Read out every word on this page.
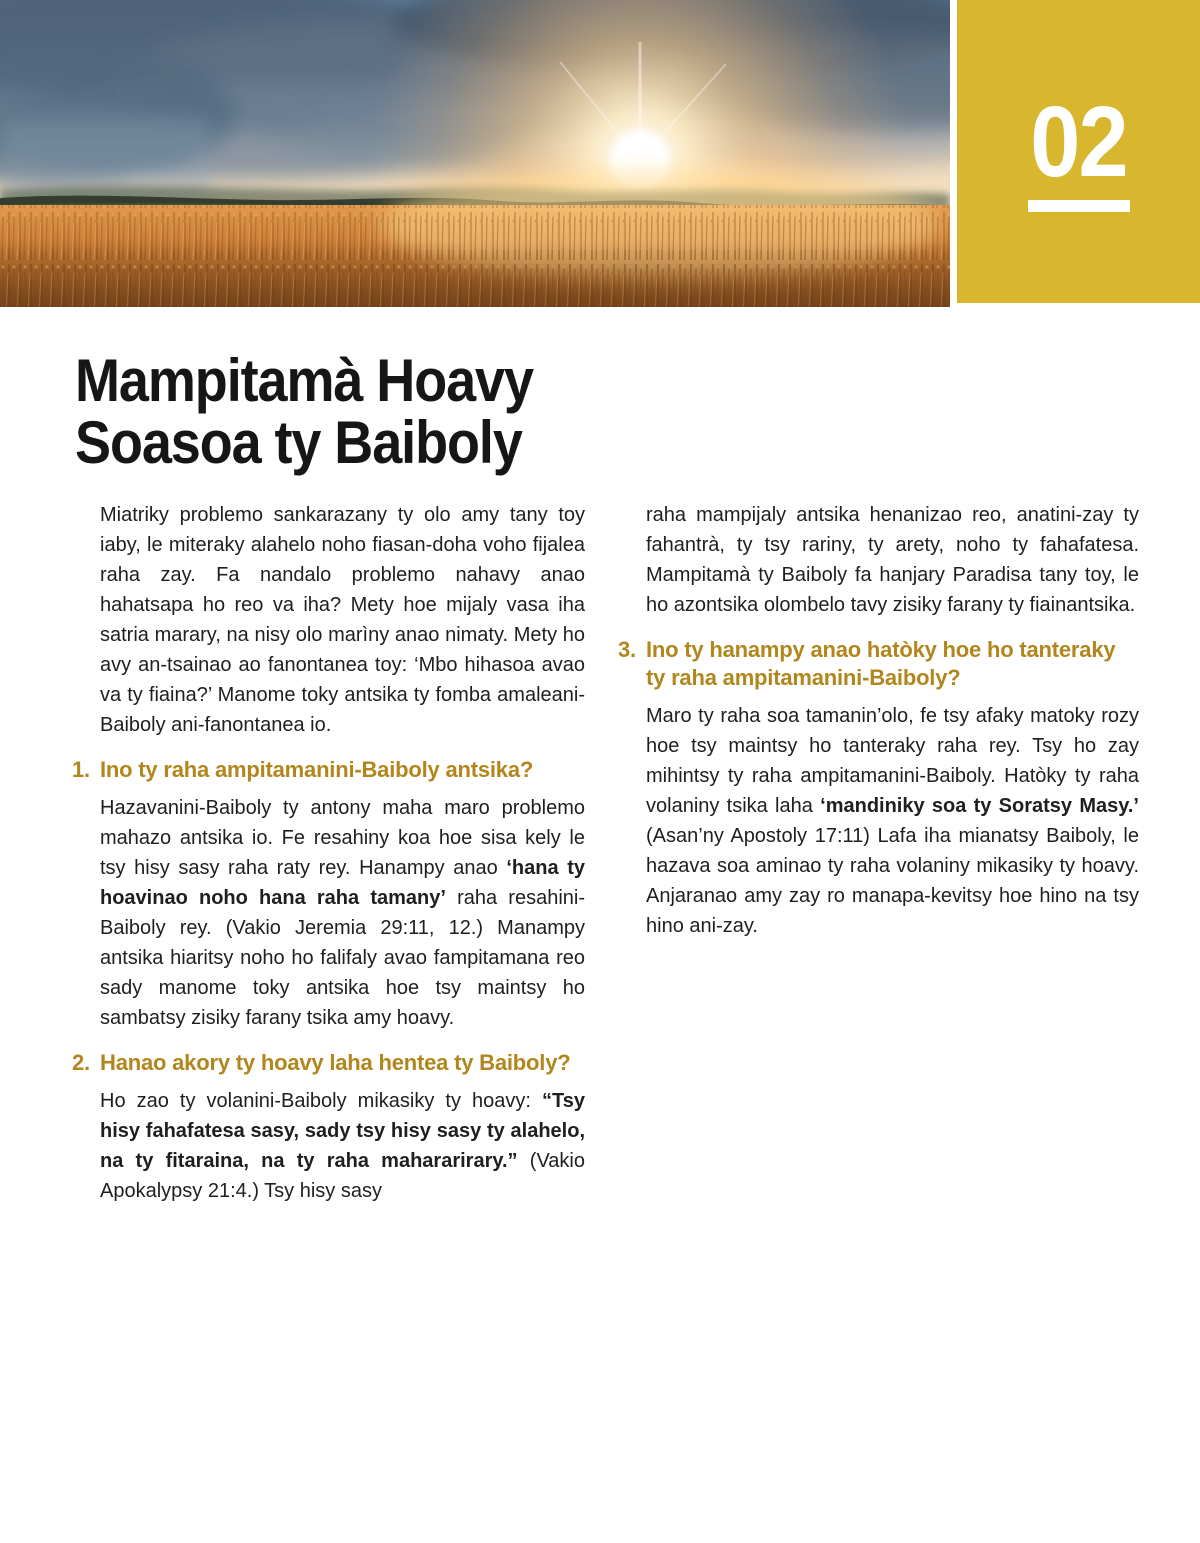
02
Mampitamà Hoavy
Soasoa ty Baiboly

Miatriky problemo sankarazany ty olo amy tany toy iaby, le miteraky alahelo noho fiasan-doha voho fijalea raha zay. Fa nandalo problemo nahavy anao hahatsapa ho reo va iha? Mety hoe mijaly vasa iha satria marary, na nisy olo marìny anao nimaty. Mety ho avy an-tsainao ao fanontanea toy: ‘Mbo hihasoa avao va ty fiaina?’ Manome toky antsika ty fomba amaleani-Baiboly ani-fanontanea io.

1. Ino ty raha ampitamanini-Baiboly antsika?

Hazavanini-Baiboly ty antony maha maro problemo mahazo antsika io. Fe resahiny koa hoe sisa kely le tsy hisy sasy raha raty rey. Hanampy anao ‘hana ty hoavinao noho hana raha tamany’ raha resahini-Baiboly rey. (Vakio Jeremia 29:11, 12.) Manampy antsika hiaritsy noho ho falifaly avao fampitamana reo sady manome toky antsika hoe tsy maintsy ho sambatsy zisiky farany tsika amy hoavy.

2. Hanao akory ty hoavy laha hentea ty Baiboly?

Ho zao ty volanini-Baiboly mikasiky ty hoavy: “Tsy hisy fahafatesa sasy, sady tsy hisy sasy ty alahelo, na ty fitaraina, na ty raha mahararirary.” (Vakio Apokalypsy 21:4.) Tsy hisy sasy

raha mampijaly antsika henanizao reo, anatini-zay ty fahantrà, ty tsy rariny, ty arety, noho ty fahafatesa. Mampitamà ty Baiboly fa hanjary Paradisa tany toy, le ho azontsika olombelo tavy zisiky farany ty fiainantsika.

3. Ino ty hanampy anao hatòky hoe ho tanteraky ty raha ampitamanini-Baiboly?

Maro ty raha soa tamanin’olo, fe tsy afaky matoky rozy hoe tsy maintsy ho tanteraky raha rey. Tsy ho zay mihintsy ty raha ampitamanini-Baiboly. Hatòky ty raha volaniny tsika laha ‘mandiniky soa ty Soratsy Masy.’ (Asan’ny Apostoly 17:11) Lafa iha mianatsy Baiboly, le hazava soa aminao ty raha volaniny mikasiky ty hoavy. Anjaranao amy zay ro manapa-kevitsy hoe hino na tsy hino ani-zay.
